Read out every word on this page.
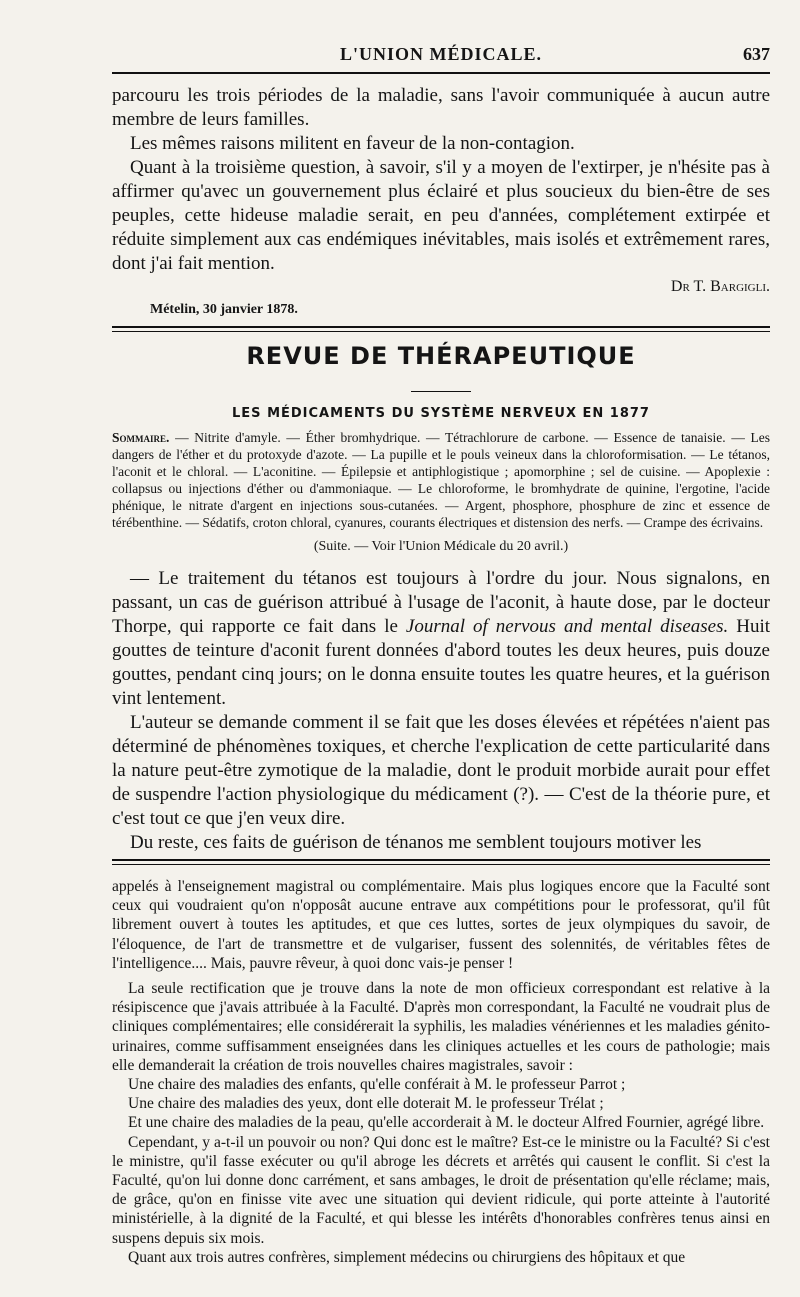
L'UNION MÉDICALE.	637

parcouru les trois périodes de la maladie, sans l'avoir communiquée à aucun autre membre de leurs familles.

Les mêmes raisons militent en faveur de la non-contagion.

Quant à la troisième question, à savoir, s'il y a moyen de l'extirper, je n'hésite pas à affirmer qu'avec un gouvernement plus éclairé et plus soucieux du bien-être de ses peuples, cette hideuse maladie serait, en peu d'années, complétement extirpée et réduite simplement aux cas endémiques inévitables, mais isolés et extrêmement rares, dont j'ai fait mention.

Dr T. Bargigli.
Mételin, 30 janvier 1878.
REVUE DE THÉRAPEUTIQUE

LES MÉDICAMENTS DU SYSTÈME NERVEUX EN 1877

Sommaire. — Nitrite d'amyle. — Éther bromhydrique. — Tétrachlorure de carbone. — Essence de tanaisie. — Les dangers de l'éther et du protoxyde d'azote. — La pupille et le pouls veineux dans la chloroformisation. — Le tétanos, l'aconit et le chloral. — L'aconitine. — Épilepsie et antiphlogistique ; apomorphine ; sel de cuisine. — Apoplexie : collapsus ou injections d'éther ou d'ammoniaque. — Le chloroforme, le bromhydrate de quinine, l'ergotine, l'acide phénique, le nitrate d'argent en injections sous-cutanées. — Argent, phosphore, phosphure de zinc et essence de térébenthine. — Sédatifs, croton chloral, cyanures, courants électriques et distension des nerfs. — Crampe des écrivains.

(Suite. — Voir l'Union Médicale du 20 avril.)

— Le traitement du tétanos est toujours à l'ordre du jour. Nous signalons, en passant, un cas de guérison attribué à l'usage de l'aconit, à haute dose, par le docteur Thorpe, qui rapporte ce fait dans le Journal of nervous and mental diseases. Huit gouttes de teinture d'aconit furent données d'abord toutes les deux heures, puis douze gouttes, pendant cinq jours; on le donna ensuite toutes les quatre heures, et la guérison vint lentement.

L'auteur se demande comment il se fait que les doses élevées et répétées n'aient pas déterminé de phénomènes toxiques, et cherche l'explication de cette particularité dans la nature peut-être zymotique de la maladie, dont le produit morbide aurait pour effet de suspendre l'action physiologique du médicament (?). — C'est de la théorie pure, et c'est tout ce que j'en veux dire.

Du reste, ces faits de guérison de ténanos me semblent toujours motiver les

appelés à l'enseignement magistral ou complémentaire. Mais plus logiques encore que la Faculté sont ceux qui voudraient qu'on n'opposât aucune entrave aux compétitions pour le professorat, qu'il fût librement ouvert à toutes les aptitudes, et que ces luttes, sortes de jeux olympiques du savoir, de l'éloquence, de l'art de transmettre et de vulgariser, fussent des solennités, de véritables fêtes de l'intelligence.... Mais, pauvre rêveur, à quoi donc vais-je penser !

La seule rectification que je trouve dans la note de mon officieux correspondant est relative à la résipiscence que j'avais attribuée à la Faculté. D'après mon correspondant, la Faculté ne voudrait plus de cliniques complémentaires; elle considérerait la syphilis, les maladies vénériennes et les maladies génito-urinaires, comme suffisamment enseignées dans les cliniques actuelles et les cours de pathologie; mais elle demanderait la création de trois nouvelles chaires magistrales, savoir :

Une chaire des maladies des enfants, qu'elle conférait à M. le professeur Parrot ;

Une chaire des maladies des yeux, dont elle doterait M. le professeur Trélat ;

Et une chaire des maladies de la peau, qu'elle accorderait à M. le docteur Alfred Fournier, agrégé libre.

Cependant, y a-t-il un pouvoir ou non? Qui donc est le maître? Est-ce le ministre ou la Faculté? Si c'est le ministre, qu'il fasse exécuter ou qu'il abroge les décrets et arrêtés qui causent le conflit. Si c'est la Faculté, qu'on lui donne donc carrément, et sans ambages, le droit de présentation qu'elle réclame; mais, de grâce, qu'on en finisse vite avec une situation qui devient ridicule, qui porte atteinte à l'autorité ministérielle, à la dignité de la Faculté, et qui blesse les intérêts d'honorables confrères tenus ainsi en suspens depuis six mois.

Quant aux trois autres confrères, simplement médecins ou chirurgiens des hôpitaux et que
